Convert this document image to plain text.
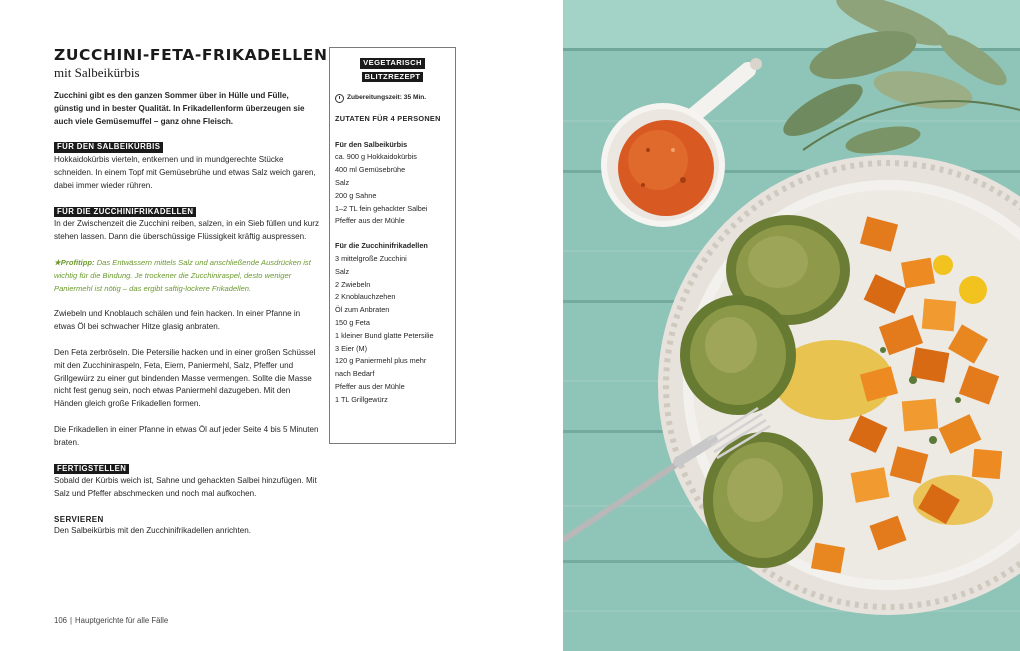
ZUCCHINI-FETA-FRIKADELLEN
mit Salbeikürbis

Zucchini gibt es den ganzen Sommer über in Hülle und Fülle, günstig und in bester Qualität. In Frikadellenform überzeugen sie auch viele Gemüsemuffel – ganz ohne Fleisch.

FÜR DEN SALBEIKÜRBIS

Hokkaidokürbis vierteln, entkernen und in mundgerechte Stücke schneiden. In einem Topf mit Gemüsebrühe und etwas Salz weich garen, dabei immer wieder rühren.

FÜR DIE ZUCCHINIFRIKADELLEN

In der Zwischenzeit die Zucchini reiben, salzen, in ein Sieb füllen und kurz stehen lassen. Dann die überschüssige Flüssigkeit kräftig auspressen.

★Profitipp: Das Entwässern mittels Salz und anschließende Ausdrücken ist wichtig für die Bindung. Je trockener die Zucchiniraspel, desto weniger Paniermehl ist nötig – das ergibt saftig-lockere Frikadellen.

Zwiebeln und Knoblauch schälen und fein hacken. In einer Pfanne in etwas Öl bei schwacher Hitze glasig anbraten.

Den Feta zerbröseln. Die Petersilie hacken und in einer großen Schüssel mit den Zucchiniraspeln, Feta, Eiern, Paniermehl, Salz, Pfeffer und Grillgewürz zu einer gut bindenden Masse vermengen. Sollte die Masse nicht fest genug sein, noch etwas Paniermehl dazugeben. Mit den Händen gleich große Frikadellen formen.

Die Frikadellen in einer Pfanne in etwas Öl auf jeder Seite 4 bis 5 Minuten braten.

FERTIGSTELLEN

Sobald der Kürbis weich ist, Sahne und gehackten Salbei hinzufügen. Mit Salz und Pfeffer abschmecken und noch mal aufkochen.

SERVIEREN

Den Salbeikürbis mit den Zucchinifrikadellen anrichten.

VEGETARISCH
BLITZREZEPT
Zubereitungszeit: 35 Min.
ZUTATEN FÜR 4 PERSONEN
Für den Salbeikürbis
ca. 900 g Hokkaidokürbis
400 ml Gemüsebrühe
Salz
200 g Sahne
1–2 TL fein gehackter Salbei
Pfeffer aus der Mühle
Für die Zucchinifrikadellen
3 mittelgroße Zucchini
Salz
2 Zwiebeln
2 Knoblauchzehen
Öl zum Anbraten
150 g Feta
1 kleiner Bund glatte Petersilie
3 Eier (M)
120 g Paniermehl plus mehr
nach Bedarf
Pfeffer aus der Mühle
1 TL Grillgewürz
106 | Hauptgerichte für alle Fälle
